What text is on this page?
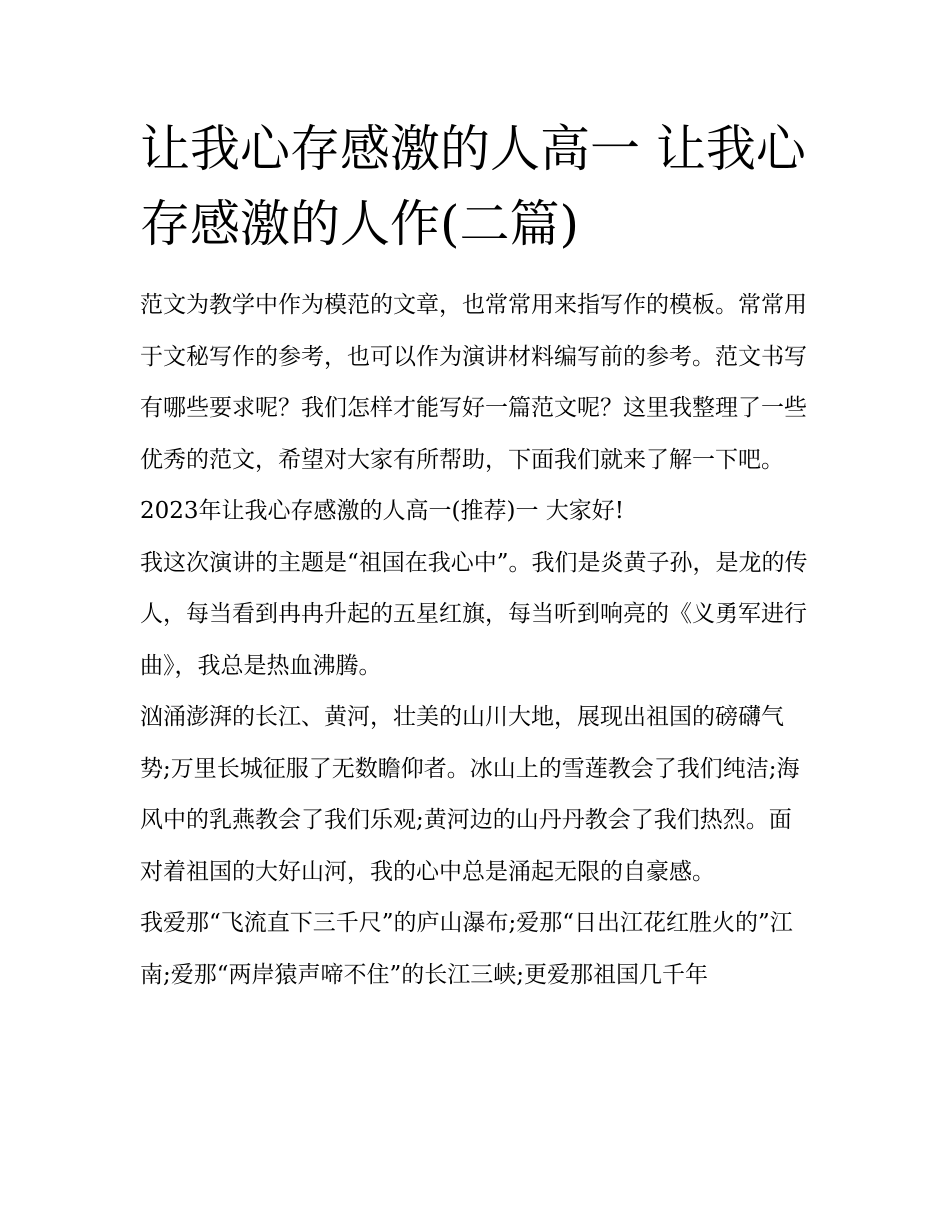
让我心存感激的人高一 让我心存感激的人作(二篇)

范文为教学中作为模范的文章，也常常用来指写作的模板。常常用于文秘写作的参考，也可以作为演讲材料编写前的参考。范文书写有哪些要求呢？我们怎样才能写好一篇范文呢？这里我整理了一些优秀的范文，希望对大家有所帮助，下面我们就来了解一下吧。

2023年让我心存感激的人高一(推荐)一 大家好!

我这次演讲的主题是“祖国在我心中”。我们是炎黄子孙，是龙的传人，每当看到冉冉升起的五星红旗，每当听到响亮的《义勇军进行曲》，我总是热血沸腾。

汹涌澎湃的长江、黄河，壮美的山川大地，展现出祖国的磅礴气势;万里长城征服了无数瞻仰者。冰山上的雪莲教会了我们纯洁;海风中的乳燕教会了我们乐观;黄河边的山丹丹教会了我们热烈。面对着祖国的大好山河，我的心中总是涌起无限的自豪感。

我爱那“飞流直下三千尺”的庐山瀑布;爱那“日出江花红胜火的”江南;爱那“两岸猿声啼不住”的长江三峡;更爱那祖国几千年
